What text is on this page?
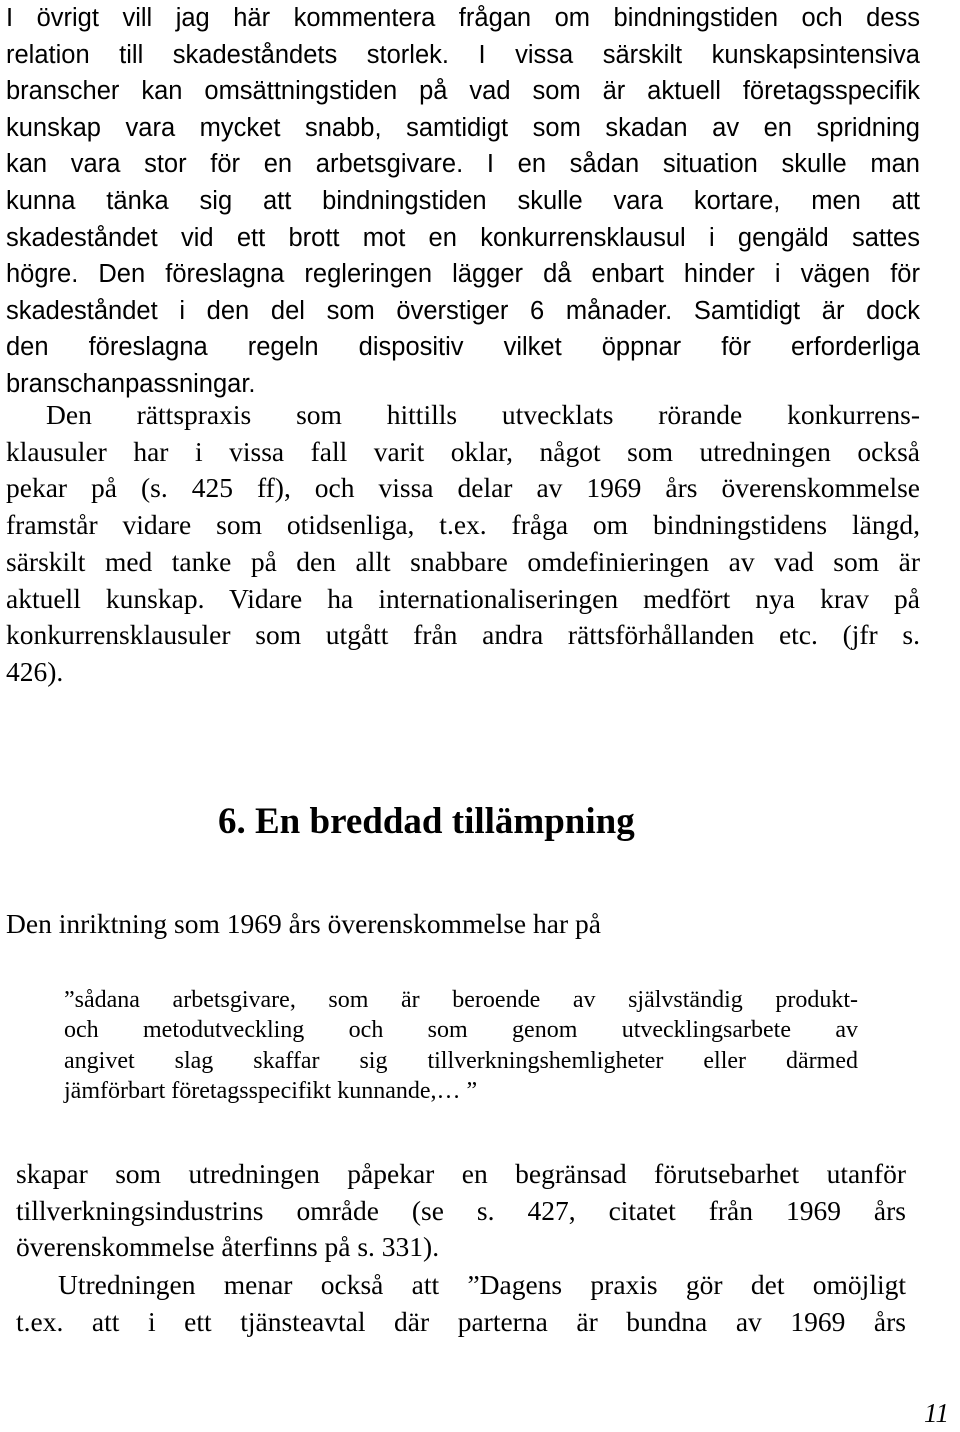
I övrigt vill jag här kommentera frågan om bindningstiden och dess
relation till skadeståndets storlek. I vissa särskilt kunskapsintensiva
branscher kan omsättningstiden på vad som är aktuell företagsspecifik
kunskap vara mycket snabb, samtidigt som skadan av en spridning
kan vara stor för en arbetsgivare. I en sådan situation skulle man
kunna tänka sig att bindningstiden skulle vara kortare, men att
skadeståndet vid ett brott mot en konkurrensklausul i gengäld sattes
högre. Den föreslagna regleringen lägger då enbart hinder i vägen för
skadeståndet i den del som överstiger 6 månader. Samtidigt är dock
den föreslagna regeln dispositiv vilket öppnar för erforderliga
branschanpassningar.
Den rättspraxis som hittills utvecklats rörande konkurrens-
klausuler har i vissa fall varit oklar, något som utredningen också
pekar på (s. 425 ff), och vissa delar av 1969 års överenskommelse
framstår vidare som otidsenliga, t.ex. fråga om bindningstidens längd,
särskilt med tanke på den allt snabbare omdefinieringen av vad som är
aktuell kunskap. Vidare ha internationaliseringen medfört nya krav på
konkurrensklausuler som utgått från andra rättsförhållanden etc. (jfr s.
426).
6. En breddad tillämpning
Den inriktning som 1969 års överenskommelse har på
”sådana arbetsgivare, som är beroende av självständig produkt-
och metodutveckling och som genom utvecklingsarbete av
angivet slag skaffar sig tillverkningshemligheter eller därmed
jämförbart företagsspecifikt kunnande,… ”
skapar som utredningen påpekar en begränsad förutsebarhet utanför
tillverkningsindustrins område (se s. 427, citatet från 1969 års
överenskommelse återfinns på s. 331).
Utredningen menar också att ”Dagens praxis gör det omöjligt
t.ex. att i ett tjänsteavtal där parterna är bundna av 1969 års
11
